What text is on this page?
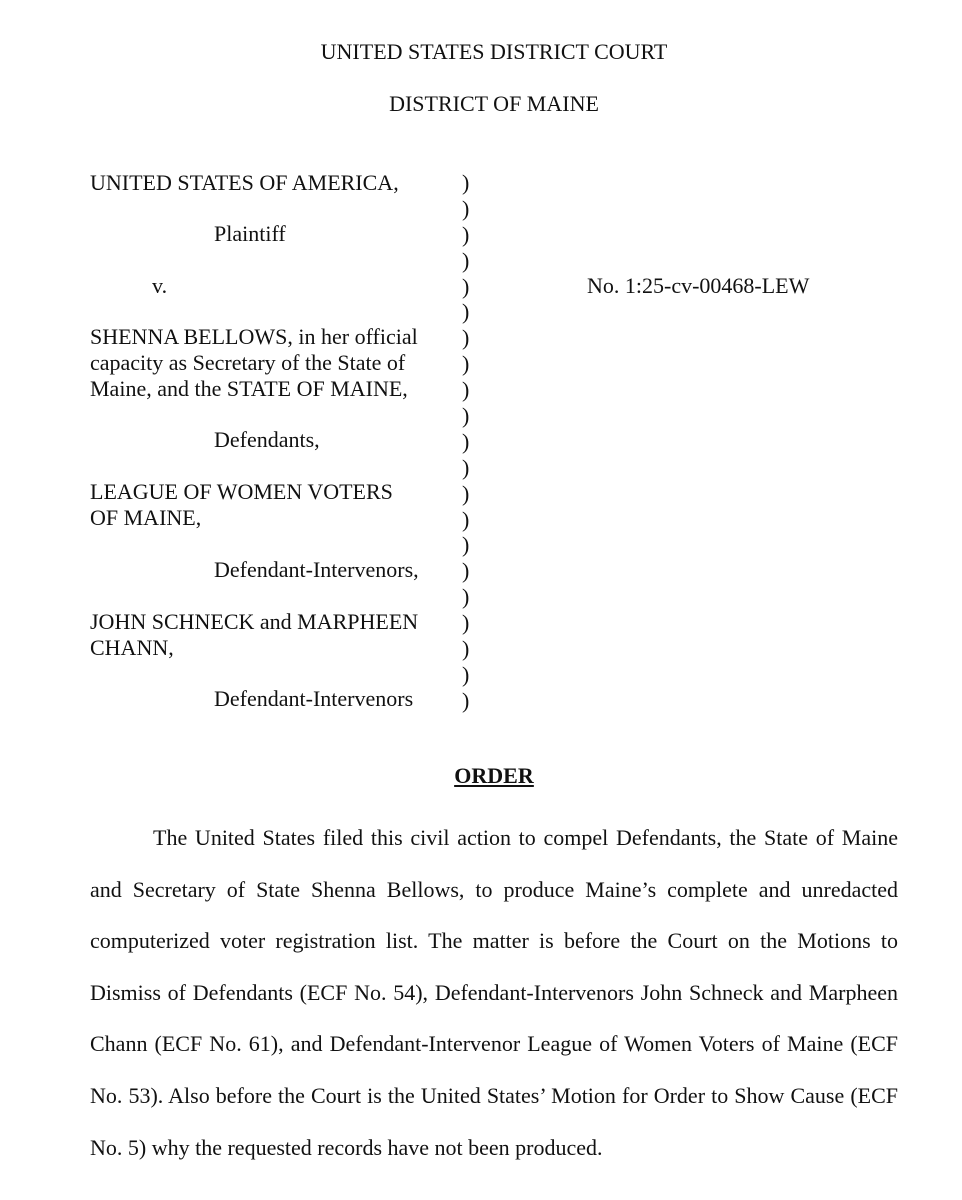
UNITED STATES DISTRICT COURT
DISTRICT OF MAINE
UNITED STATES OF AMERICA,
Plaintiff
v.
SHENNA BELLOWS, in her official
capacity as Secretary of the State of
Maine, and the STATE OF MAINE,
Defendants,
LEAGUE OF WOMEN VOTERS
OF MAINE,
Defendant-Intervenors,
JOHN SCHNECK and MARPHEEN
CHANN,
Defendant-Intervenors
)
)
)
)
)
)
)
)
)
)
)
)
)
)
)
)
)
)
)
)
)
No. 1:25-cv-00468-LEW
ORDER
The United States filed this civil action to compel Defendants, the State of Maine
and Secretary of State Shenna Bellows, to produce Maine’s complete and unredacted
computerized voter registration list. The matter is before the Court on the Motions to
Dismiss of Defendants (ECF No. 54), Defendant-Intervenors John Schneck and Marpheen
Chann (ECF No. 61), and Defendant-Intervenor League of Women Voters of Maine (ECF
No. 53). Also before the Court is the United States’ Motion for Order to Show Cause (ECF
No. 5) why the requested records have not been produced.
